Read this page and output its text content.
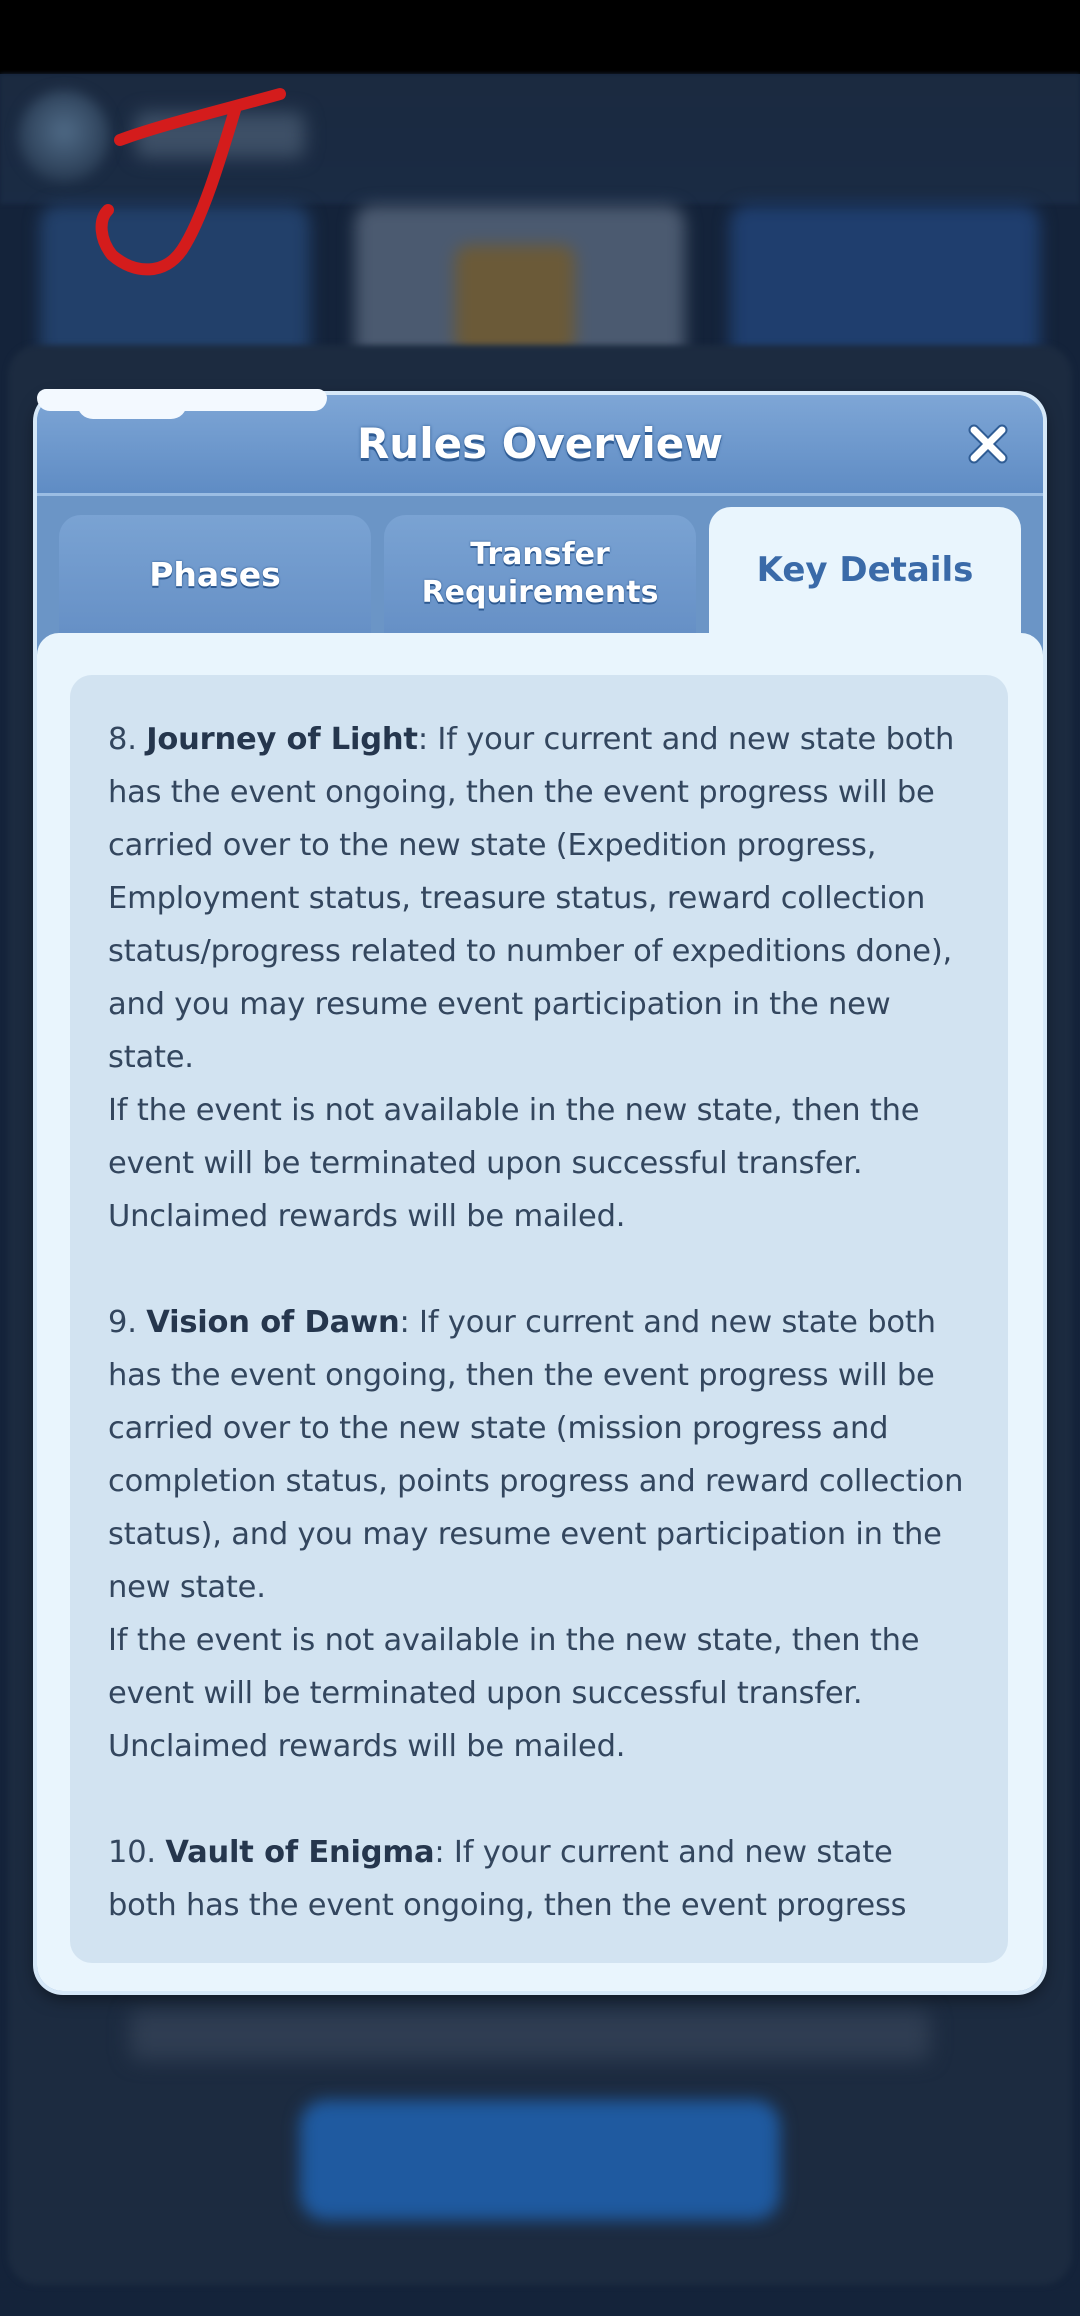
Rules Overview
Phases	Transfer
Requirements
Key Details

8. Journey of Light: If your current and new state both has the event ongoing, then the event progress will be carried over to the new state (Expedition progress, Employment status, treasure status, reward collection status/progress related to number of expeditions done), and you may resume event participation in the new state.
If the event is not available in the new state, then the event will be terminated upon successful transfer.
Unclaimed rewards will be mailed.

9. Vision of Dawn: If your current and new state both has the event ongoing, then the event progress will be carried over to the new state (mission progress and completion status, points progress and reward collection status), and you may resume event participation in the new state.
If the event is not available in the new state, then the event will be terminated upon successful transfer.
Unclaimed rewards will be mailed.

10. Vault of Enigma: If your current and new state both has the event ongoing, then the event progress
